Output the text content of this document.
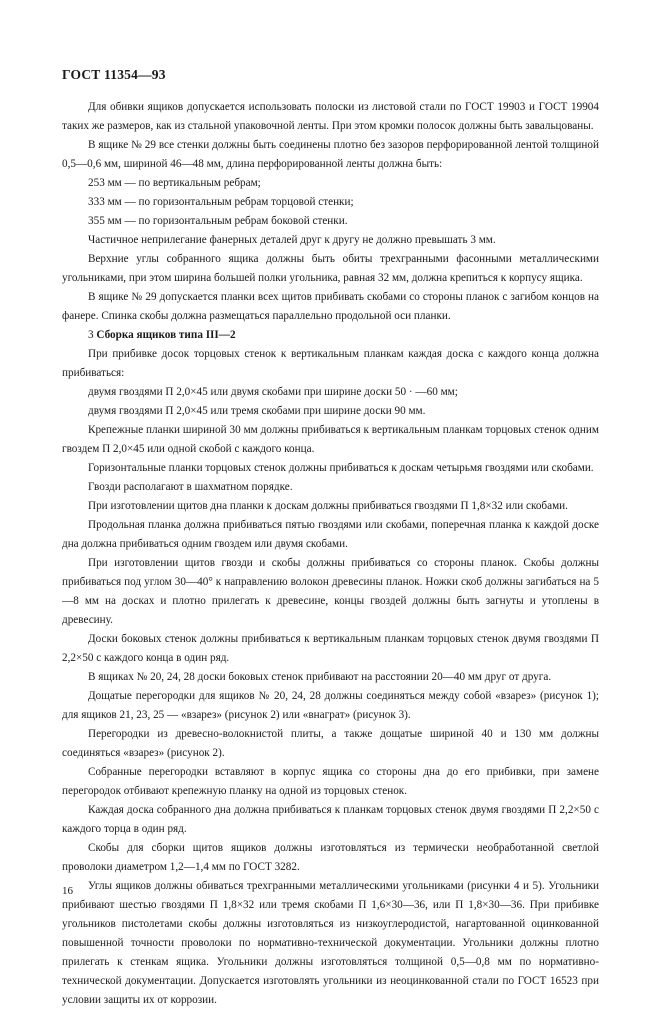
ГОСТ 11354—93

Для обивки ящиков допускается использовать полоски из листовой стали по ГОСТ 19903 и ГОСТ 19904 таких же размеров, как из стальной упаковочной ленты. При этом кромки полосок должны быть завальцованы.

В ящике № 29 все стенки должны быть соединены плотно без зазоров перфорированной лентой толщиной 0,5—0,6 мм, шириной 46—48 мм, длина перфорированной ленты должна быть:

253 мм — по вертикальным ребрам;

333 мм — по горизонтальным ребрам торцовой стенки;

355 мм — по горизонтальным ребрам боковой стенки.

Частичное неприлегание фанерных деталей друг к другу не должно превышать 3 мм.

Верхние углы собранного ящика должны быть обиты трехгранными фасонными металлическими угольниками, при этом ширина большей полки угольника, равная 32 мм, должна крепиться к корпусу ящика.

В ящике № 29 допускается планки всех щитов прибивать скобами со стороны планок с загибом концов на фанере. Спинка скобы должна размещаться параллельно продольной оси планки.

3 Сборка ящиков типа III—2

При прибивке досок торцовых стенок к вертикальным планкам каждая доска с каждого конца должна прибиваться:

двумя гвоздями П 2,0×45 или двумя скобами при ширине доски 50 · —60 мм;

двумя гвоздями П 2,0×45 или тремя скобами при ширине доски 90 мм.

Крепежные планки шириной 30 мм должны прибиваться к вертикальным планкам торцовых стенок одним гвоздем П 2,0×45 или одной скобой с каждого конца.

Горизонтальные планки торцовых стенок должны прибиваться к доскам четырьмя гвоздями или скобами.

Гвозди располагают в шахматном порядке.

При изготовлении щитов дна планки к доскам должны прибиваться гвоздями П 1,8×32 или скобами.

Продольная планка должна прибиваться пятью гвоздями или скобами, поперечная планка к каждой доске дна должна прибиваться одним гвоздем или двумя скобами.

При изготовлении щитов гвозди и скобы должны прибиваться со стороны планок. Скобы должны прибиваться под углом 30—40° к направлению волокон древесины планок. Ножки скоб должны загибаться на 5—8 мм на досках и плотно прилегать к древесине, концы гвоздей должны быть загнуты и утоплены в древесину.

Доски боковых стенок должны прибиваться к вертикальным планкам торцовых стенок двумя гвоздями П 2,2×50 с каждого конца в один ряд.

В ящиках № 20, 24, 28 доски боковых стенок прибивают на расстоянии 20—40 мм друг от друга.

Дощатые перегородки для ящиков № 20, 24, 28 должны соединяться между собой «взарез» (рисунок 1); для ящиков 21, 23, 25 — «взарез» (рисунок 2) или «внагрaт» (рисунок 3).

Перегородки из древесно-волокнистой плиты, а также дощатые шириной 40 и 130 мм должны соединяться «взарез» (рисунок 2).

Собранные перегородки вставляют в корпус ящика со стороны дна до его прибивки, при замене перегородок отбивают крепежную планку на одной из торцовых стенок.

Каждая доска собранного дна должна прибиваться к планкам торцовых стенок двумя гвоздями П 2,2×50 с каждого торца в один ряд.

Скобы для сборки щитов ящиков должны изготовляться из термически необработанной светлой проволоки диаметром 1,2—1,4 мм по ГОСТ 3282.

Углы ящиков должны обиваться трехгранными металлическими угольниками (рисунки 4 и 5). Угольники прибивают шестью гвоздями П 1,8×32 или тремя скобами П 1,6×30—36, или П 1,8×30—36. При прибивке угольников пистолетами скобы должны изготовляться из низкоуглеродистой, нагартованной оцинкованной повышенной точности проволоки по нормативно-технической документации. Угольники должны плотно прилегать к стенкам ящика. Угольники должны изготовляться толщиной 0,5—0,8 мм по нормативно-технической документации. Допускается изготовлять угольники из неоцинкованной стали по ГОСТ 16523 при условии защиты их от коррозии.

16
